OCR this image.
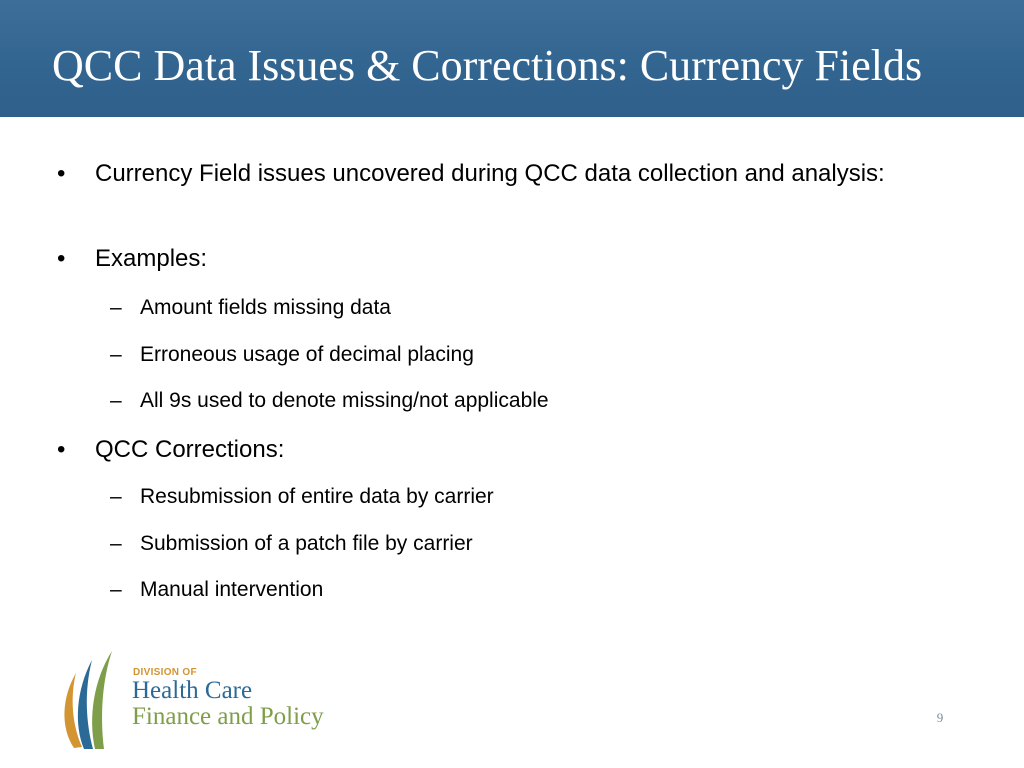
QCC Data Issues & Corrections: Currency Fields
• Currency Field issues uncovered during QCC data collection and analysis:
• Examples:
– Amount fields missing data
– Erroneous usage of decimal placing
– All 9s used to denote missing/not applicable
• QCC Corrections:
– Resubmission of entire data by carrier
– Submission of a patch file by carrier
– Manual intervention
DIVISION OF
Health Care
Finance and Policy	9
